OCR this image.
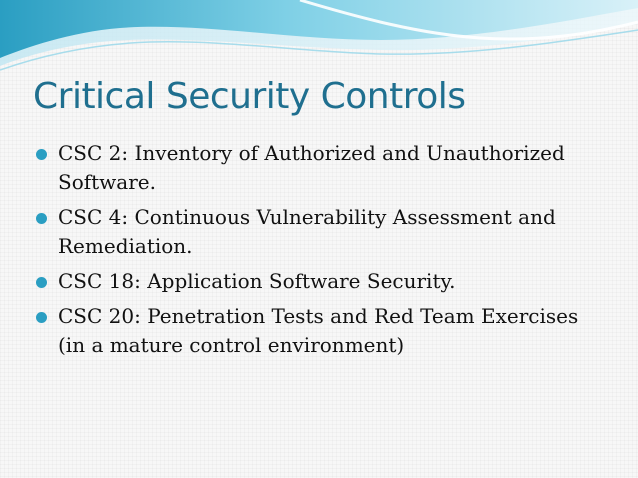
Critical Security Controls
CSC 2: Inventory of Authorized and Unauthorized Software.
CSC 4: Continuous Vulnerability Assessment and Remediation.
CSC 18: Application Software Security.
CSC 20: Penetration Tests and Red Team Exercises (in a mature control environment)
